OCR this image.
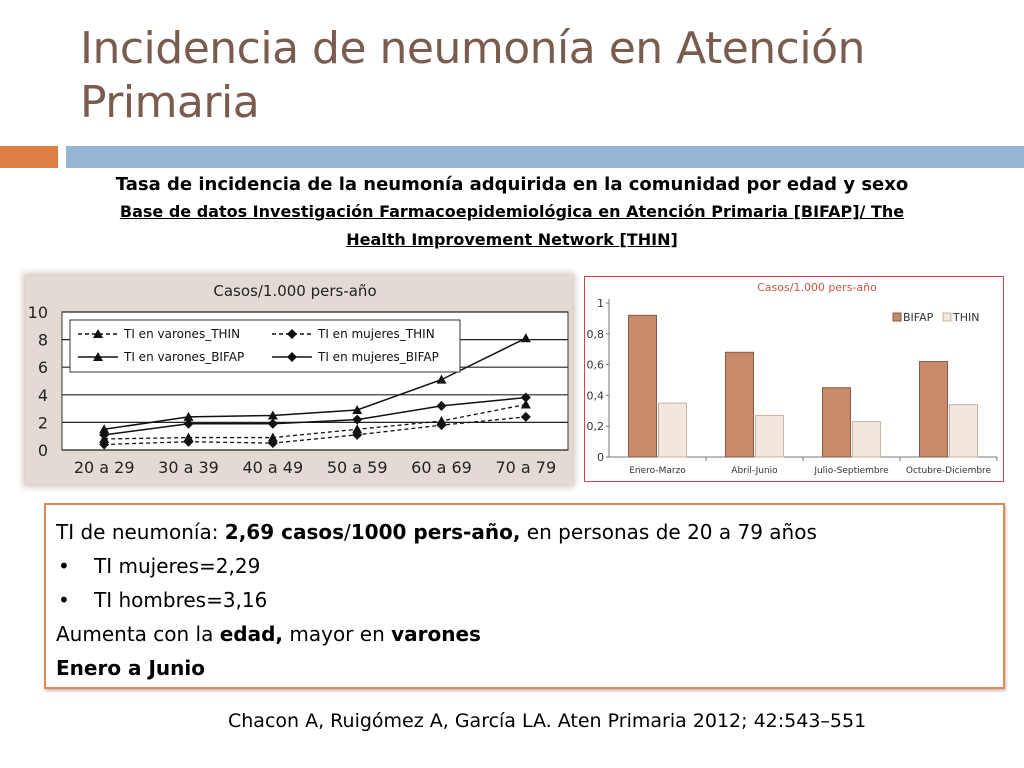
Incidencia de neumonía en Atención Primaria
Tasa de incidencia de la neumonía adquirida en la comunidad por edad y sexo
Base de datos Investigación Farmacoepidemiológica en Atención Primaria [BIFAP]/ The
Health Improvement Network [THIN]
Casos/1.000 pers-año
0
2
4
6
8
10
20 a 29 30 a 39 40 a 49 50 a 59 60 a 69 70 a 79
TI en varones_THIN	TI en mujeres_THIN
TI en varones_BIFAP	TI en mujeres_BIFAP
Casos/1.000 pers-año
0
0,2
0,4
0,6
0,8
1
Enero-Marzo	Abril-Junio	Julio-Septiembre Octubre-Diciembre
BIFAP THIN
TI de neumonía: 2,69 casos/1000 pers-año, en personas de 20 a 79 años
•	TI mujeres=2,29
•	TI hombres=3,16
Aumenta con la edad, mayor en varones
Enero a Junio
Chacon A, Ruigómez A, García LA. Aten Primaria 2012; 42:543–551
